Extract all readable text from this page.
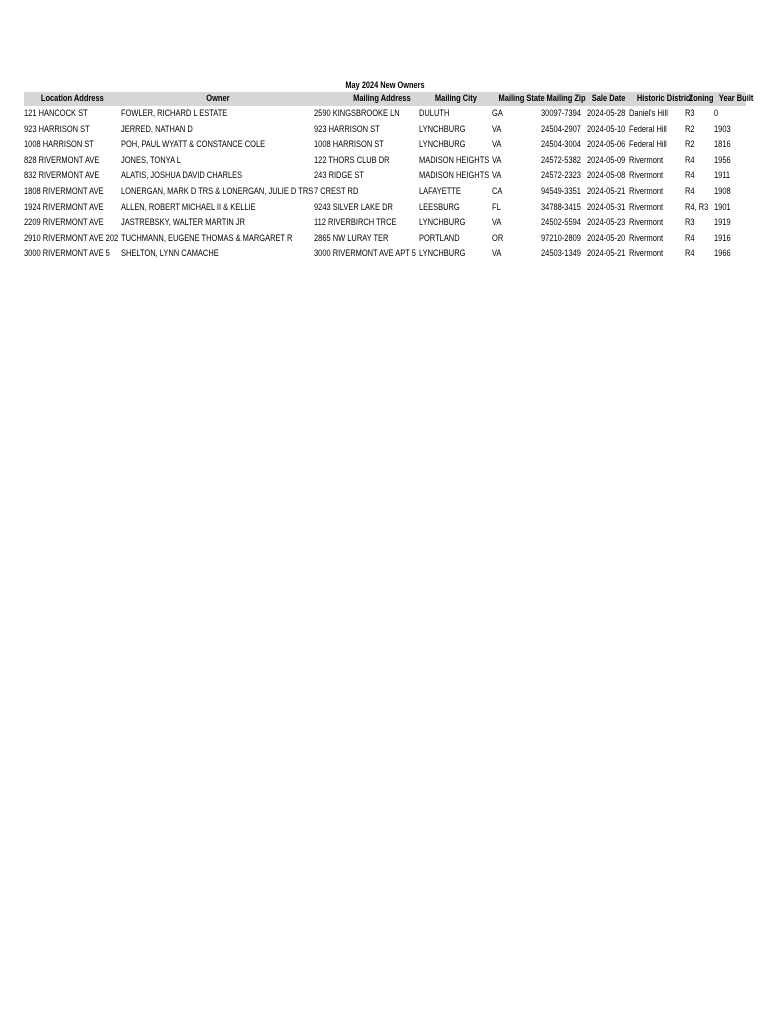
May 2024 New Owners
Location Address	Owner	Mailing Address	Mailing City	Mailing State	Mailing Zip	Sale Date	Historic District	Zoning	Year Built
121 HANCOCK ST	FOWLER, RICHARD L ESTATE	2590 KINGSBROOKE LN	DULUTH	GA	30097-7394	2024-05-28	Daniel's Hill	R3	0
923 HARRISON ST	JERRED, NATHAN D	923 HARRISON ST	LYNCHBURG	VA	24504-2907	2024-05-10	Federal Hill	R2	1903
1008 HARRISON ST	POH, PAUL WYATT & CONSTANCE COLE	1008 HARRISON ST	LYNCHBURG	VA	24504-3004	2024-05-06	Federal Hill	R2	1816
828 RIVERMONT AVE	JONES, TONYA L	122 THORS CLUB DR	MADISON HEIGHTS	VA	24572-5382	2024-05-09	Rivermont	R4	1956
832 RIVERMONT AVE	ALATIS, JOSHUA DAVID CHARLES	243 RIDGE ST	MADISON HEIGHTS	VA	24572-2323	2024-05-08	Rivermont	R4	1911
1808 RIVERMONT AVE	LONERGAN, MARK D TRS & LONERGAN, JULIE D TRS	7 CREST RD	LAFAYETTE	CA	94549-3351	2024-05-21	Rivermont	R4	1908
1924 RIVERMONT AVE	ALLEN, ROBERT MICHAEL II & KELLIE	9243 SILVER LAKE DR	LEESBURG	FL	34788-3415	2024-05-31	Rivermont	R4, R3	1901
2209 RIVERMONT AVE	JASTREBSKY, WALTER MARTIN JR	112 RIVERBIRCH TRCE	LYNCHBURG	VA	24502-5594	2024-05-23	Rivermont	R3	1919
2910 RIVERMONT AVE 202	TUCHMANN, EUGENE THOMAS & MARGARET R	2865 NW LURAY TER	PORTLAND	OR	97210-2809	2024-05-20	Rivermont	R4	1916
3000 RIVERMONT AVE 5	SHELTON, LYNN CAMACHE	3000 RIVERMONT AVE APT 5	LYNCHBURG	VA	24503-1349	2024-05-21	Rivermont	R4	1966
